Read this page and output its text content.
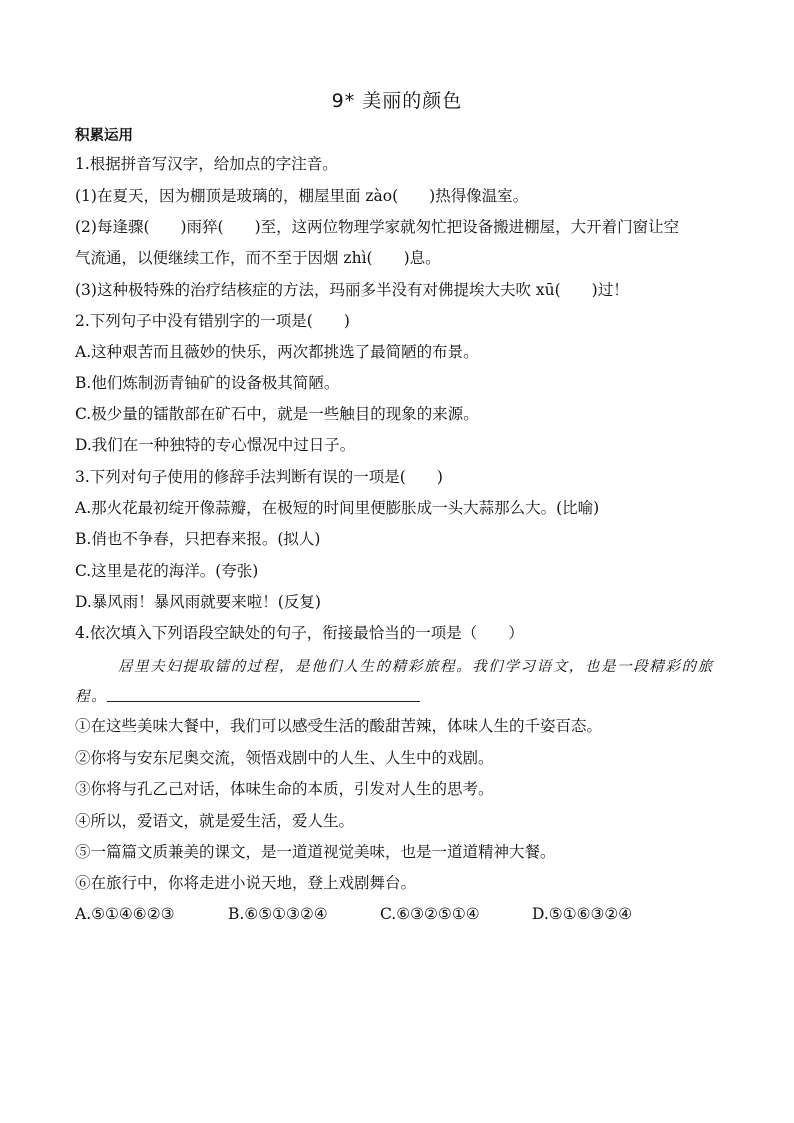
9* 美丽的颜色
积累运用
1.根据拼音写汉字，给加点的字注音。
(1)在夏天，因为棚顶是玻璃的，棚屋里面 zào(　　)热得像温室。
(2)每逢骤(　　)雨猝(　　)至，这两位物理学家就匆忙把设备搬进棚屋，大开着门窗让空
气流通，以便继续工作，而不至于因烟 zhì(　　)息。
(3)这种极特殊的治疗结核症的方法，玛丽多半没有对佛提埃大夫吹 xū(　　)过！
2.下列句子中没有错别字的一项是(　　)
A.这种艰苦而且薇妙的快乐，两次都挑选了最简陋的布景。
B.他们炼制沥青铀矿的设备极其简陋。
C.极少量的镭散部在矿石中，就是一些触目的现象的来源。
D.我们在一种独特的专心憬况中过日子。
3.下列对句子使用的修辞手法判断有误的一项是(　　)
A.那火花最初绽开像蒜瓣，在极短的时间里便膨胀成一头大蒜那么大。(比喻)
B.俏也不争春，只把春来报。(拟人)
C.这里是花的海洋。(夸张)
D.暴风雨！暴风雨就要来啦！(反复)
4.依次填入下列语段空缺处的句子，衔接最恰当的一项是（　　）
居里夫妇提取镭的过程，是他们人生的精彩旅程。我们学习语文，也是一段精彩的旅
程。
①在这些美味大餐中，我们可以感受生活的酸甜苦辣，体味人生的千姿百态。
②你将与安东尼奥交流，领悟戏剧中的人生、人生中的戏剧。
③你将与孔乙己对话，体味生命的本质，引发对人生的思考。
④所以，爱语文，就是爱生活，爱人生。
⑤一篇篇文质兼美的课文，是一道道视觉美味，也是一道道精神大餐。
⑥在旅行中，你将走进小说天地，登上戏剧舞台。
A.⑤①④⑥②③	B.⑥⑤①③②④	C.⑥③②⑤①④	D.⑤①⑥③②④
